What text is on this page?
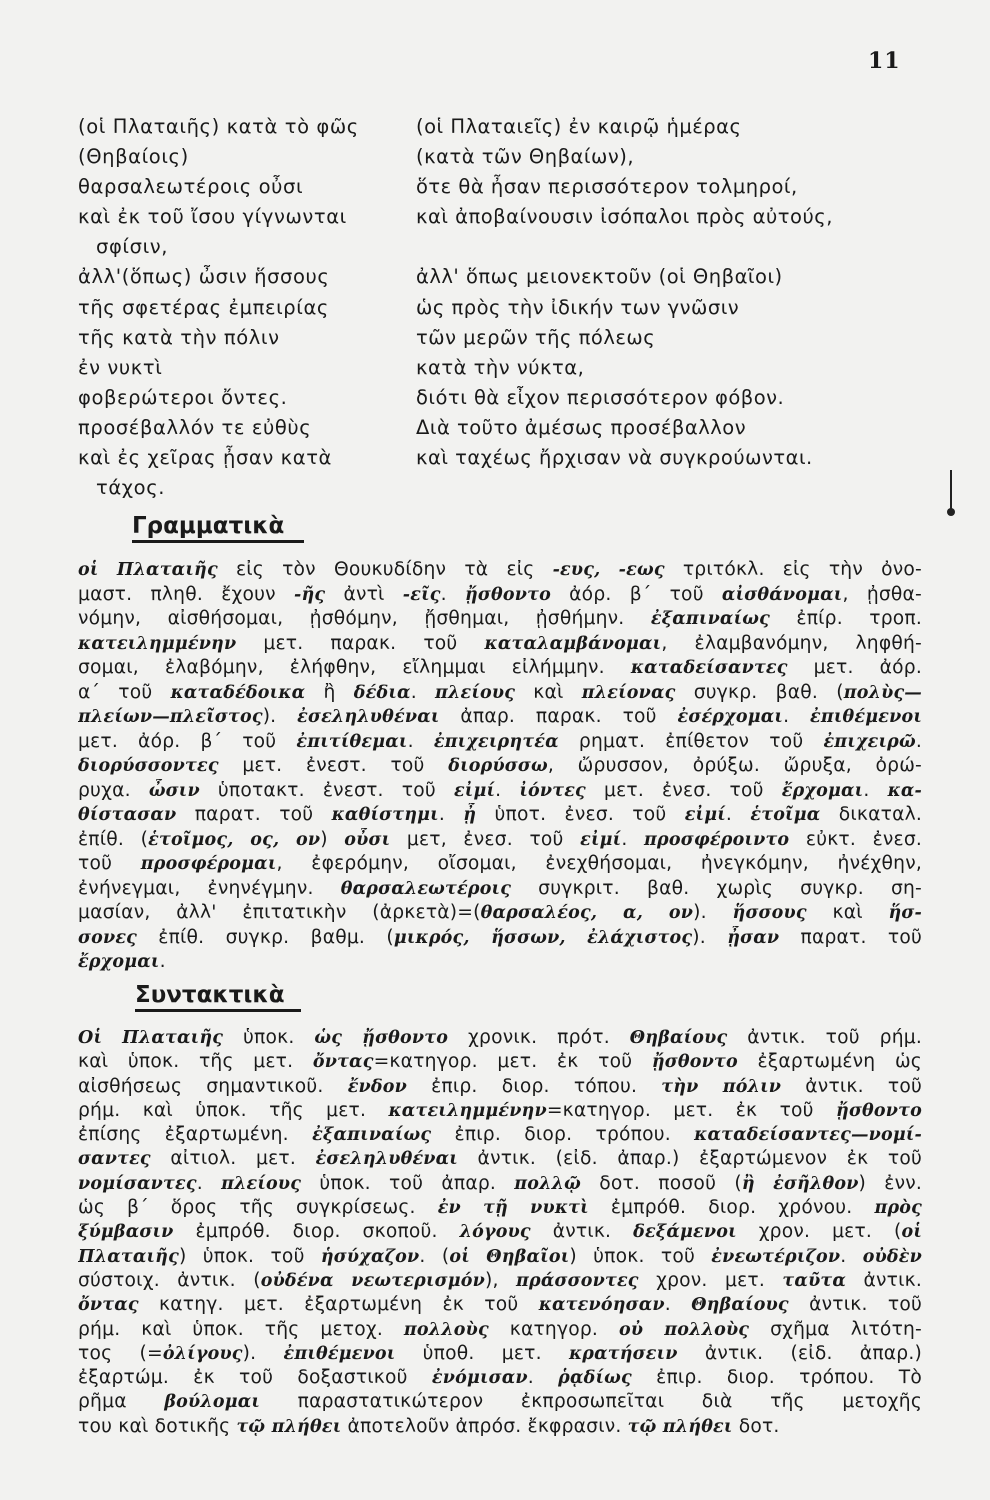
11
(οἱ Πλαταιῆς) κατὰ τὸ φῶς
(Θηβαίοις)
θαρσαλεωτέροις οὖσι
καὶ ἐκ τοῦ ἴσου γίγνωνται
σφίσιν,
ἀλλ'(ὅπως) ὦσιν ἥσσους
τῆς σφετέρας ἐμπειρίας
τῆς κατὰ τὴν πόλιν
ἐν νυκτὶ
φοβερώτεροι ὄντες.
προσέβαλλόν τε εὐθὺς
καὶ ἐς χεῖρας ᾖσαν κατὰ
τάχος.
(οἱ Πλαταιεῖς) ἐν καιρῷ ἡμέρας
(κατὰ τῶν Θηβαίων),
ὅτε θὰ ἦσαν περισσότερον τολμηροί,
καὶ ἀποβαίνουσιν ἰσόπαλοι πρὸς αὐτούς,

ἀλλ' ὅπως μειονεκτοῦν (οἱ Θηβαῖοι)
ὡς πρὸς τὴν ἰδικήν των γνῶσιν
τῶν μερῶν τῆς πόλεως
κατὰ τὴν νύκτα,
διότι θὰ εἶχον περισσότερον φόβον.
Διὰ τοῦτο ἀμέσως προσέβαλλον
καὶ ταχέως ἤρχισαν νὰ συγκρούωνται.
Γραμματικὰ
οἱ Πλαταιῆς εἰς τὸν Θουκυδίδην τὰ εἰς -ευς, -εως τριτόκλ. εἰς τὴν ὀνο-
μαστ. πληθ. ἔχουν -ῆς ἀντὶ -εῖς. ᾔσθοντο ἀόρ. β΄ τοῦ αἰσθάνομαι, ᾐσθα-
νόμην, αἰσθήσομαι, ᾐσθόμην, ᾔσθημαι, ᾐσθήμην. ἐξαπιναίως ἐπίρ. τροπ.
κατειλημμένην μετ. παρακ. τοῦ καταλαμβάνομαι, ἐλαμβανόμην, ληφθή-
σομαι, ἐλαβόμην, ἐλήφθην, εἴλημμαι εἰλήμμην. καταδείσαντες μετ. ἀόρ.
α΄ τοῦ καταδέδοικα ἢ δέδια. πλείους καὶ πλείονας συγκρ. βαθ. (πολὺς—
πλείων—πλεῖστος). ἐσεληλυθέναι ἀπαρ. παρακ. τοῦ ἐσέρχομαι. ἐπιθέμενοι
μετ. ἀόρ. β΄ τοῦ ἐπιτίθεμαι. ἐπιχειρητέα ρηματ. ἐπίθετον τοῦ ἐπιχειρῶ.
διορύσσοντες μετ. ἐνεστ. τοῦ διορύσσω, ὤρυσσον, ὀρύξω. ὤρυξα, ὀρώ-
ρυχα. ὦσιν ὑποτακτ. ἐνεστ. τοῦ εἰμί. ἰόντες μετ. ἐνεσ. τοῦ ἔρχομαι. κα-
θίστασαν παρατ. τοῦ καθίστημι. ᾖ ὑποτ. ἐνεσ. τοῦ εἰμί. ἑτοῖμα δικαταλ.
ἐπίθ. (ἑτοῖμος, ος, ον) οὖσι μετ, ἐνεσ. τοῦ εἰμί. προσφέροιντο εὐκτ. ἐνεσ.
τοῦ προσφέρομαι, ἐφερόμην, οἴσομαι, ἐνεχθήσομαι, ἠνεγκόμην, ἠνέχθην,
ἐνήνεγμαι, ἐνηνέγμην. θαρσαλεωτέροις συγκριτ. βαθ. χωρὶς συγκρ. ση-
μασίαν, ἀλλ' ἐπιτατικὴν (ἀρκετὰ)=(θαρσαλέος, α, ον). ἥσσους καὶ ἥσ-
σονες ἐπίθ. συγκρ. βαθμ. (μικρός, ἥσσων, ἐλάχιστος). ᾖσαν παρατ. τοῦ
ἔρχομαι.
Συντακτικὰ
Οἱ Πλαταιῆς ὑποκ. ὡς ᾔσθοντο χρονικ. πρότ. Θηβαίους ἀντικ. τοῦ ρήμ.
καὶ ὑποκ. τῆς μετ. ὄντας=κατηγορ. μετ. ἐκ τοῦ ᾔσθοντο ἐξαρτωμένη ὡς
αἰσθήσεως σημαντικοῦ. ἔνδον ἐπιρ. διορ. τόπου. τὴν πόλιν ἀντικ. τοῦ
ρήμ. καὶ ὑποκ. τῆς μετ. κατειλημμένην=κατηγορ. μετ. ἐκ τοῦ ᾔσθοντο
ἐπίσης ἐξαρτωμένη. ἐξαπιναίως ἐπιρ. διορ. τρόπου. καταδείσαντες—νομί-
σαντες αἰτιολ. μετ. ἐσεληλυθέναι ἀντικ. (εἰδ. ἀπαρ.) ἐξαρτώμενον ἐκ τοῦ
νομίσαντες. πλείους ὑποκ. τοῦ ἀπαρ. πολλῷ δοτ. ποσοῦ (ἢ ἐσῆλθον) ἐνν.
ὡς β΄ ὅρος τῆς συγκρίσεως. ἐν τῇ νυκτὶ ἐμπρόθ. διορ. χρόνου. πρὸς
ξύμβασιν ἐμπρόθ. διορ. σκοποῦ. λόγους ἀντικ. δεξάμενοι χρον. μετ. (οἱ
Πλαταιῆς) ὑποκ. τοῦ ἡσύχαζον. (οἱ Θηβαῖοι) ὑποκ. τοῦ ἐνεωτέριζον. οὐδὲν
σύστοιχ. ἀντικ. (οὐδένα νεωτερισμόν), πράσσοντες χρον. μετ. ταῦτα ἀντικ.
ὄντας κατηγ. μετ. ἐξαρτωμένη ἐκ τοῦ κατενόησαν. Θηβαίους ἀντικ. τοῦ
ρήμ. καὶ ὑποκ. τῆς μετοχ. πολλοὺς κατηγορ. οὐ πολλοὺς σχῆμα λιτότη-
τος (=ὀλίγους). ἐπιθέμενοι ὑποθ. μετ. κρατήσειν ἀντικ. (εἰδ. ἀπαρ.)
ἐξαρτώμ. ἐκ τοῦ δοξαστικοῦ ἐνόμισαν. ῥᾳδίως ἐπιρ. διορ. τρόπου. Τὸ
ρῆμα βούλομαι παραστατικώτερον ἐκπροσωπεῖται διὰ τῆς μετοχῆς
του καὶ δοτικῆς τῷ πλήθει ἀποτελοῦν ἀπρόσ. ἔκφρασιν. τῷ πλήθει δοτ.
